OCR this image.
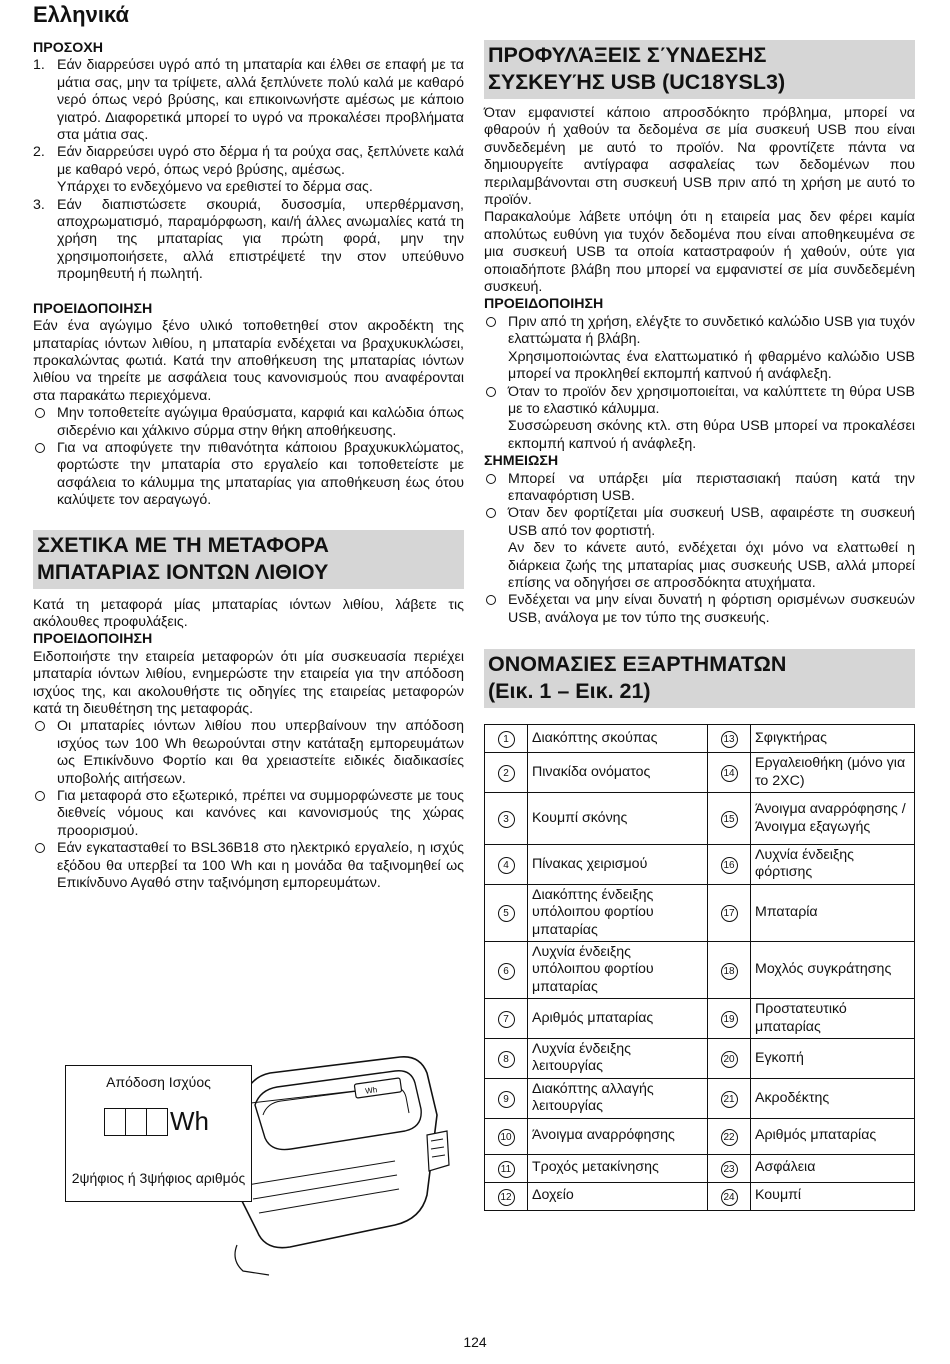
Ελληνικά

ΠΡΟΣΟΧΗ

1. Εάν διαρρεύσει υγρό από τη μπαταρία και έλθει σε επαφή με τα μάτια σας, μην τα τρίψετε, αλλά ξεπλύνετε πολύ καλά με καθαρό νερό όπως νερό βρύσης, και επικοινωνήστε αμέσως με κάποιο γιατρό. Διαφορετικά μπορεί το υγρό να προκαλέσει προβλήματα στα μάτια σας.
2. Εάν διαρρεύσει υγρό στο δέρμα ή τα ρούχα σας, ξεπλύνετε καλά με καθαρό νερό, όπως νερό βρύσης, αμέσως.
Υπάρχει το ενδεχόμενο να ερεθιστεί το δέρμα σας.
3. Εάν διαπιστώσετε σκουριά, δυσοσμία, υπερθέρμανση, αποχρωματισμό, παραμόρφωση, και/ή άλλες ανωμαλίες κατά τη χρήση της μπαταρίας για πρώτη φορά, μην την χρησιμοποιήσετε, αλλά επιστρέψετέ την στον υπεύθυνο προμηθευτή ή πωλητή.

ΠΡΟΕΙΔΟΠΟΙΗΣΗ

Εάν ένα αγώγιμο ξένο υλικό τοποθετηθεί στον ακροδέκτη της μπαταρίας ιόντων λιθίου, η μπαταρία ενδέχεται να βραχυκυκλώσει, προκαλώντας φωτιά. Κατά την αποθήκευση της μπαταρίας ιόντων λιθίου να τηρείτε με ασφάλεια τους κανονισμούς που αναφέρονται στα παρακάτω περιεχόμενα.

Μην τοποθετείτε αγώγιμα θραύσματα, καρφιά και καλώδια όπως σιδερένιο και χάλκινο σύρμα στην θήκη αποθήκευσης.
Για να αποφύγετε την πιθανότητα κάποιου βραχυκυκλώματος, φορτώστε την μπαταρία στο εργαλείο και τοποθετείστε με ασφάλεια το κάλυμμα της μπαταρίας για αποθήκευση έως ότου καλύψετε τον αεραγωγό.
ΣΧΕΤΙΚΑ ΜΕ ΤΗ ΜΕΤΑΦΟΡΑ
ΜΠΑΤΑΡΙΑΣ ΙΟΝΤΩΝ ΛΙΘΙΟΥ

Κατά τη μεταφορά μίας μπαταρίας ιόντων λιθίου, λάβετε τις ακόλουθες προφυλάξεις.

ΠΡΟΕΙΔΟΠΟΙΗΣΗ

Ειδοποιήστε την εταιρεία μεταφορών ότι μία συσκευασία περιέχει μπαταρία ιόντων λιθίου, ενημερώστε την εταιρεία για την απόδοση ισχύος της, και ακολουθήστε τις οδηγίες της εταιρείας μεταφορών κατά τη διευθέτηση της μεταφοράς.

Οι μπαταρίες ιόντων λιθίου που υπερβαίνουν την απόδοση ισχύος των 100 Wh θεωρούνται στην κατάταξη εμπορευμάτων ως Επικίνδυνο Φορτίο και θα χρειαστείτε ειδικές διαδικασίες υποβολής αιτήσεων.
Για μεταφορά στο εξωτερικό, πρέπει να συμμορφώνεστε με τους διεθνείς νόμους και κανόνες και κανονισμούς της χώρας προορισμού.
Εάν εγκατασταθεί το BSL36B18 στο ηλεκτρικό εργαλείο, η ισχύς εξόδου θα υπερβεί τα 100 Wh και η μονάδα θα ταξινομηθεί ως Επικίνδυνο Αγαθό στην ταξινόμηση εμπορευμάτων.
Wh
Απόδοση Ισχύος
Wh
2ψήφιος ή 3ψήφιος αριθμός
ΠΡΟΦΥΛΆΞΕΙΣ ΣΎΝΔΕΣΗΣ
ΣΥΣΚΕΥΉΣ USB (UC18YSL3)

Όταν εμφανιστεί κάποιο απροσδόκητο πρόβλημα, μπορεί να φθαρούν ή χαθούν τα δεδομένα σε μία συσκευή USB που είναι συνδεδεμένη με αυτό το προϊόν. Να φροντίζετε πάντα να δημιουργείτε αντίγραφα ασφαλείας των δεδομένων που περιλαμβάνονται στη συσκευή USB πριν από τη χρήση με αυτό το προϊόν.

Παρακαλούμε λάβετε υπόψη ότι η εταιρεία μας δεν φέρει καμία απολύτως ευθύνη για τυχόν δεδομένα που είναι αποθηκευμένα σε μια συσκευή USB τα οποία καταστραφούν ή χαθούν, ούτε για οποιαδήποτε βλάβη που μπορεί να εμφανιστεί σε μία συνδεδεμένη συσκευή.

ΠΡΟΕΙΔΟΠΟΙΗΣΗ

Πριν από τη χρήση, ελέγξτε το συνδετικό καλώδιο USB για τυχόν ελαττώματα ή βλάβη.
Χρησιμοποιώντας ένα ελαττωματικό ή φθαρμένο καλώδιο USB μπορεί να προκληθεί εκπομπή καπνού ή ανάφλεξη.
Όταν το προϊόν δεν χρησιμοποιείται, να καλύπτετε τη θύρα USB με το ελαστικό κάλυμμα.
Συσσώρευση σκόνης κτλ. στη θύρα USB μπορεί να προκαλέσει εκπομπή καπνού ή ανάφλεξη.

ΣΗΜΕΙΩΣΗ

Μπορεί να υπάρξει μία περιστασιακή παύση κατά την επαναφόρτιση USB.
Όταν δεν φορτίζεται μία συσκευή USB, αφαιρέστε τη συσκευή USB από τον φορτιστή.
Αν δεν το κάνετε αυτό, ενδέχεται όχι μόνο να ελαττωθεί η διάρκεια ζωής της μπαταρίας μιας συσκευής USB, αλλά μπορεί επίσης να οδηγήσει σε απροσδόκητα ατυχήματα.
Ενδέχεται να μην είναι δυνατή η φόρτιση ορισμένων συσκευών USB, ανάλογα με τον τύπο της συσκευής.
ΟΝΟΜΑΣΙΕΣ ΕΞΑΡΤΗΜΑΤΩΝ
(Εικ. 1 – Εικ. 21)
1	Διακόπτης σκούπας	13	Σφιγκτήρας
2	Πινακίδα ονόματος	14	Εργαλειοθήκη (μόνο για το 2XC)
3	Κουμπί σκόνης	15	Άνοιγμα αναρρόφησης / Άνοιγμα εξαγωγής
4	Πίνακας χειρισμού	16	Λυχνία ένδειξης φόρτισης
5	Διακόπτης ένδειξης υπόλοιπου φορτίου μπαταρίας	17	Μπαταρία
6	Λυχνία ένδειξης υπόλοιπου φορτίου μπαταρίας	18	Μοχλός συγκράτησης
7	Αριθμός μπαταρίας	19	Προστατευτικό μπαταρίας
8	Λυχνία ένδειξης λειτουργίας	20	Εγκοπή
9	Διακόπτης αλλαγής λειτουργίας	21	Ακροδέκτης
10	Άνοιγμα αναρρόφησης	22	Αριθμός μπαταρίας
11	Τροχός μετακίνησης	23	Ασφάλεια
12	Δοχείο	24	Κουμπί
124
